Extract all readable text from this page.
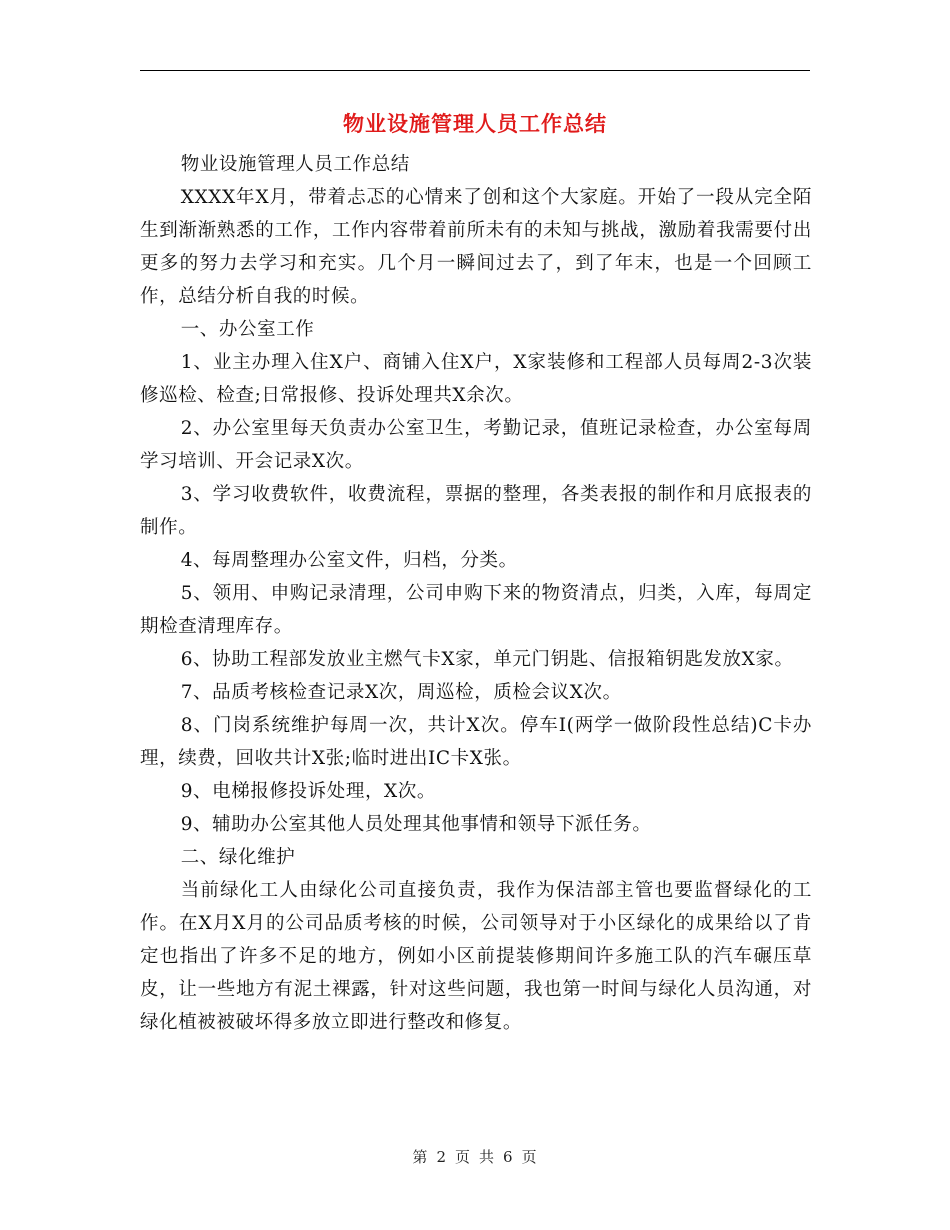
物业设施管理人员工作总结

物业设施管理人员工作总结

XXXX年X月，带着忐忑的心情来了创和这个大家庭。开始了一段从完全陌生到渐渐熟悉的工作，工作内容带着前所未有的未知与挑战，激励着我需要付出更多的努力去学习和充实。几个月一瞬间过去了，到了年末，也是一个回顾工作，总结分析自我的时候。

一、办公室工作

1、业主办理入住X户、商铺入住X户，X家装修和工程部人员每周2-3次装修巡检、检查;日常报修、投诉处理共X余次。

2、办公室里每天负责办公室卫生，考勤记录，值班记录检查，办公室每周学习培训、开会记录X次。

3、学习收费软件，收费流程，票据的整理，各类表报的制作和月底报表的制作。

4、每周整理办公室文件，归档，分类。

5、领用、申购记录清理，公司申购下来的物资清点，归类，入库，每周定期检查清理库存。

6、协助工程部发放业主燃气卡X家，单元门钥匙、信报箱钥匙发放X家。

7、品质考核检查记录X次，周巡检，质检会议X次。

8、门岗系统维护每周一次，共计X次。停车I(两学一做阶段性总结)C卡办理，续费，回收共计X张;临时进出IC卡X张。

9、电梯报修投诉处理，X次。

9、辅助办公室其他人员处理其他事情和领导下派任务。

二、绿化维护

当前绿化工人由绿化公司直接负责，我作为保洁部主管也要监督绿化的工作。在X月X月的公司品质考核的时候，公司领导对于小区绿化的成果给以了肯定也指出了许多不足的地方，例如小区前提装修期间许多施工队的汽车碾压草皮，让一些地方有泥土裸露，针对这些问题，我也第一时间与绿化人员沟通，对绿化植被被破坏得多放立即进行整改和修复。

第 2 页 共 6 页
